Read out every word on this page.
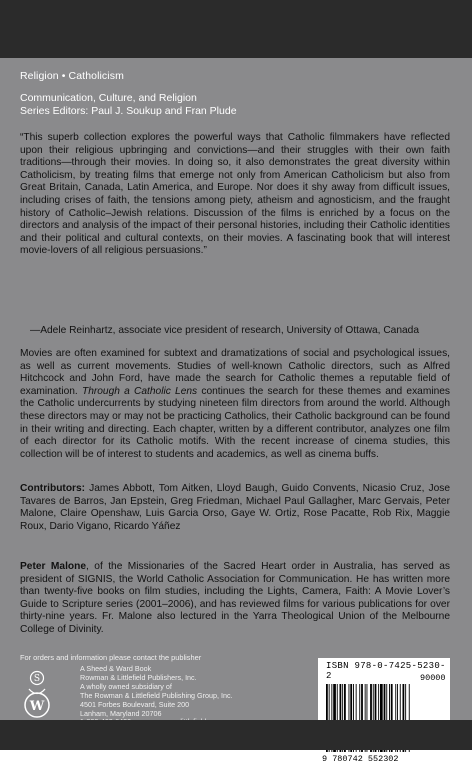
Religion • Catholicism
Communication, Culture, and Religion
Series Editors: Paul J. Soukup and Fran Plude
“This superb collection explores the powerful ways that Catholic filmmakers have reflected upon their religious upbringing and convictions—and their struggles with their own faith traditions—through their movies. In doing so, it also demonstrates the great diversity within Catholicism, by treating films that emerge not only from American Catholicism but also from Great Britain, Canada, Latin America, and Europe. Nor does it shy away from difficult issues, including crises of faith, the tensions among piety, atheism and agnosticism, and the fraught history of Catholic–Jewish relations. Discussion of the films is enriched by a focus on the directors and analysis of the impact of their personal histories, including their Catholic identities and their political and cultural contexts, on their movies. A fascinating book that will interest movie-lovers of all religious persuasions.”
—Adele Reinhartz, associate vice president of research, University of Ottawa, Canada
Movies are often examined for subtext and dramatizations of social and psychological issues, as well as current movements. Studies of well-known Catholic directors, such as Alfred Hitchcock and John Ford, have made the search for Catholic themes a reputable field of examination. Through a Catholic Lens continues the search for these themes and examines the Catholic undercurrents by studying nineteen film directors from around the world. Although these directors may or may not be practicing Catholics, their Catholic background can be found in their writing and directing. Each chapter, written by a different contributor, analyzes one film of each director for its Catholic motifs. With the recent increase of cinema studies, this collection will be of interest to students and academics, as well as cinema buffs.
Contributors: James Abbott, Tom Aitken, Lloyd Baugh, Guido Convents, Nicasio Cruz, Jose Tavares de Barros, Jan Epstein, Greg Friedman, Michael Paul Gallagher, Marc Gervais, Peter Malone, Claire Openshaw, Luis Garcia Orso, Gaye W. Ortiz, Rose Pacatte, Rob Rix, Maggie Roux, Dario Vigano, Ricardo Yáñez
Peter Malone, of the Missionaries of the Sacred Heart order in Australia, has served as president of SIGNIS, the World Catholic Association for Communication. He has written more than twenty-five books on film studies, including the Lights, Camera, Faith: A Movie Lover’s Guide to Scripture series (2001–2006), and has reviewed films for various publications for over thirty-nine years. Fr. Malone also lectured in the Yarra Theological Union of the Melbourne College of Divinity.
For orders and information please contact the publisher
S
W
A Sheed & Ward Book
Rowman & Littlefield Publishers, Inc.
A wholly owned subsidiary of
The Rowman & Littlefield Publishing Group, Inc.
4501 Forbes Boulevard, Suite 200
Lanham, Maryland 20706
ISBN 978-0-7425-5230-2	90000
9 780742 552302
